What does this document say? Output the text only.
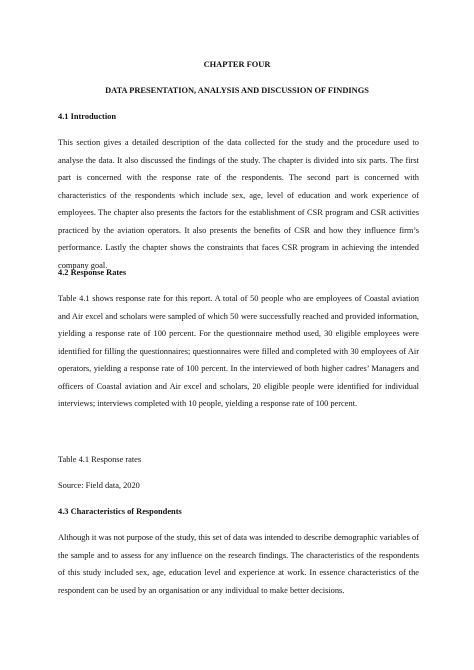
CHAPTER FOUR
DATA PRESENTATION, ANALYSIS AND DISCUSSION OF FINDINGS
4.1 Introduction
This section gives a detailed description of the data collected for the study and the procedure used to analyse the data. It also discussed the findings of the study. The chapter is divided into six parts. The first part is concerned with the response rate of the respondents. The second part is concerned with characteristics of the respondents which include sex, age, level of education and work experience of employees. The chapter also presents the factors for the establishment of CSR program and CSR activities practiced by the aviation operators. It also presents the benefits of CSR and how they influence firm’s performance. Lastly the chapter shows the constraints that faces CSR program in achieving the intended company goal.
4.2 Response Rates
Table 4.1 shows response rate for this report. A total of 50 people who are employees of Coastal aviation and Air excel and scholars were sampled of which 50 were successfully reached and provided information, yielding a response rate of 100 percent. For the questionnaire method used, 30 eligible employees were identified for filling the questionnaires; questionnaires were filled and completed with 30 employees of Air operators, yielding a response rate of 100 percent. In the interviewed of both higher cadres’ Managers and officers of Coastal aviation and Air excel and scholars, 20 eligible people were identified for individual interviews; interviews completed with 10 people, yielding a response rate of 100 percent.
Table 4.1 Response rates
Source: Field data, 2020
4.3 Characteristics of Respondents
Although it was not purpose of the study, this set of data was intended to describe demographic variables of the sample and to assess for any influence on the research findings. The characteristics of the respondents of this study included sex, age, education level and experience at work. In essence characteristics of the respondent can be used by an organisation or any individual to make better decisions.
